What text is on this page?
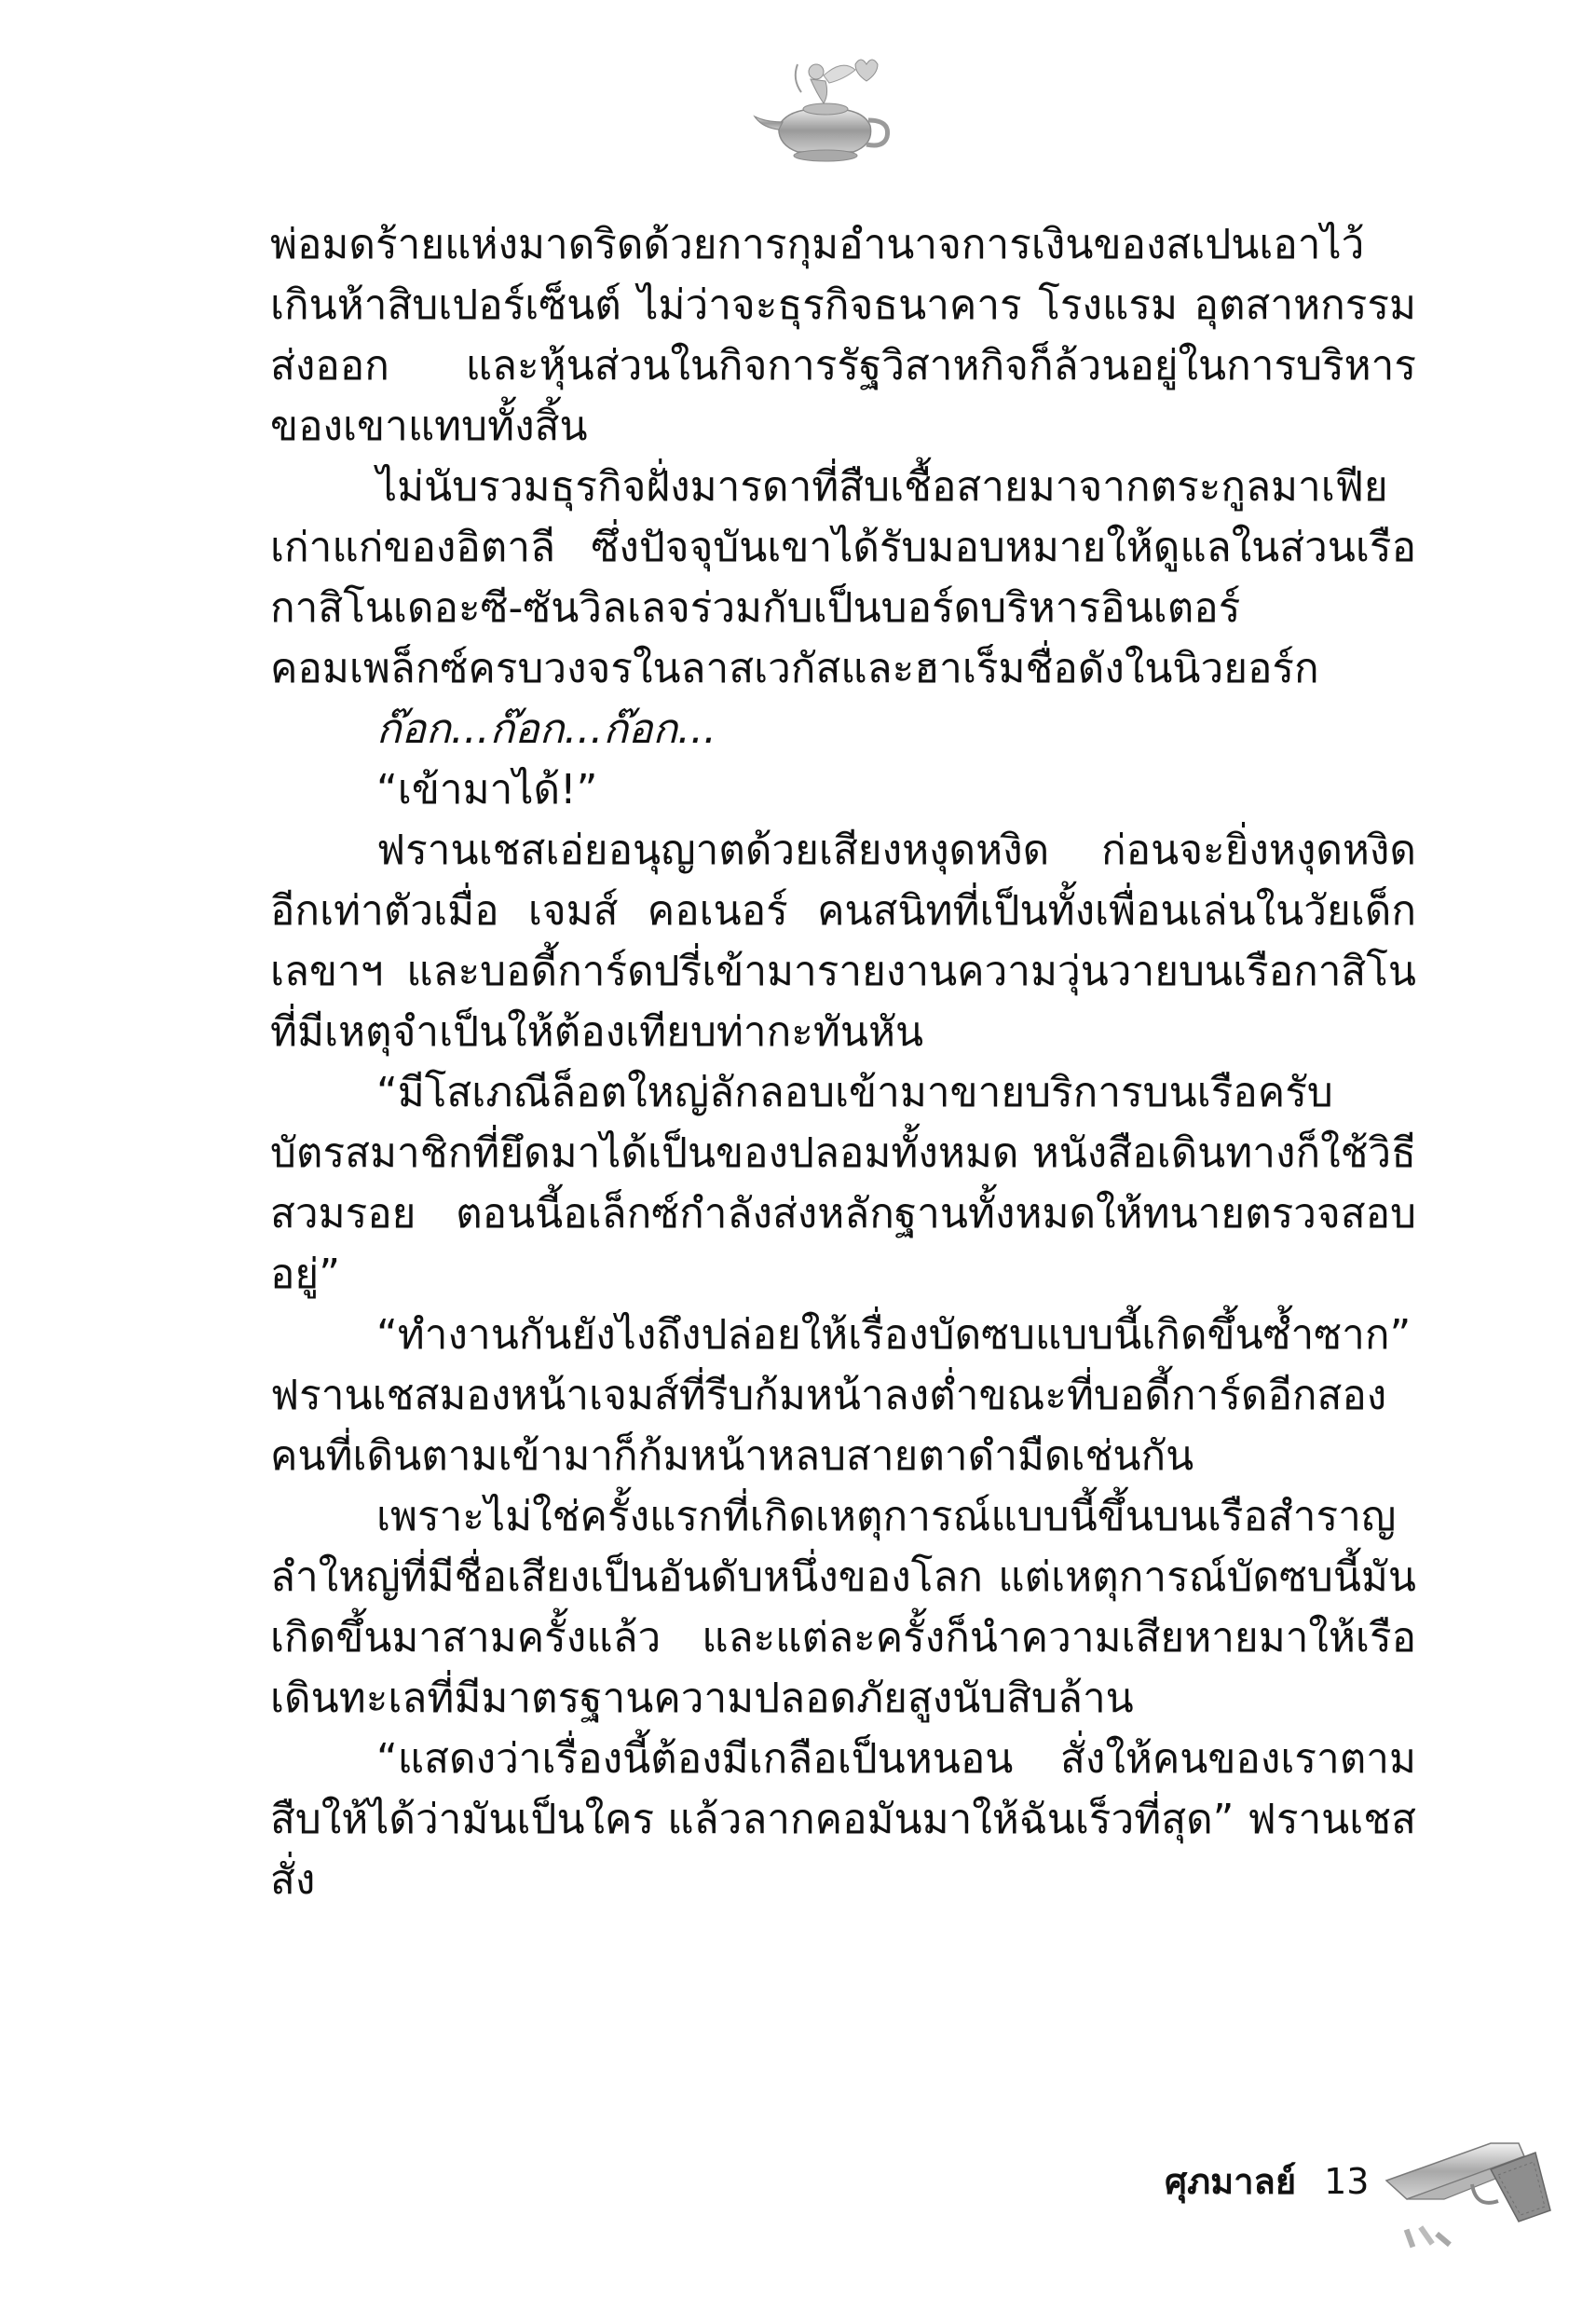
พ่อมดร้ายแห่งมาดริดด้วยการกุมอำนาจการเงินของสเปนเอาไว้เกินห้าสิบเปอร์เซ็นต์ ไม่ว่าจะธุรกิจธนาคาร โรงแรม อุตสาหกรรมส่งออก และหุ้นส่วนในกิจการรัฐวิสาหกิจก็ล้วนอยู่ในการบริหารของเขาแทบทั้งสิ้น

ไม่นับรวมธุรกิจฝั่งมารดาที่สืบเชื้อสายมาจากตระกูลมาเฟียเก่าแก่ของอิตาลี ซึ่งปัจจุบันเขาได้รับมอบหมายให้ดูแลในส่วนเรือกาสิโนเดอะซี-ซันวิลเลจร่วมกับเป็นบอร์ดบริหารอินเตอร์คอมเพล็กซ์ครบวงจรในลาสเวกัสและฮาเร็มชื่อดังในนิวยอร์ก

ก๊อก...ก๊อก...ก๊อก...

“เข้ามาได้!”

ฟรานเชสเอ่ยอนุญาตด้วยเสียงหงุดหงิด ก่อนจะยิ่งหงุดหงิดอีกเท่าตัวเมื่อ เจมส์ คอเนอร์ คนสนิทที่เป็นทั้งเพื่อนเล่นในวัยเด็ก เลขาฯ และบอดี้การ์ดปรี่เข้ามารายงานความวุ่นวายบนเรือกาสิโนที่มีเหตุจำเป็นให้ต้องเทียบท่ากะทันหัน

“มีโสเภณีล็อตใหญ่ลักลอบเข้ามาขายบริการบนเรือครับ บัตรสมาชิกที่ยึดมาได้เป็นของปลอมทั้งหมด หนังสือเดินทางก็ใช้วิธีสวมรอย ตอนนี้อเล็กซ์กำลังส่งหลักฐานทั้งหมดให้ทนายตรวจสอบอยู่”

“ทำงานกันยังไงถึงปล่อยให้เรื่องบัดซบแบบนี้เกิดขึ้นซ้ำซาก” ฟรานเชสมองหน้าเจมส์ที่รีบก้มหน้าลงต่ำขณะที่บอดี้การ์ดอีกสองคนที่เดินตามเข้ามาก็ก้มหน้าหลบสายตาดำมืดเช่นกัน

เพราะไม่ใช่ครั้งแรกที่เกิดเหตุการณ์แบบนี้ขึ้นบนเรือสำราญลำใหญ่ที่มีชื่อเสียงเป็นอันดับหนึ่งของโลก แต่เหตุการณ์บัดซบนี้มันเกิดขึ้นมาสามครั้งแล้ว และแต่ละครั้งก็นำความเสียหายมาให้เรือเดินทะเลที่มีมาตรฐานความปลอดภัยสูงนับสิบล้าน

“แสดงว่าเรื่องนี้ต้องมีเกลือเป็นหนอน สั่งให้คนของเราตามสืบให้ได้ว่ามันเป็นใคร แล้วลากคอมันมาให้ฉันเร็วที่สุด” ฟรานเชสสั่ง

ศุภมาลย์ 13
